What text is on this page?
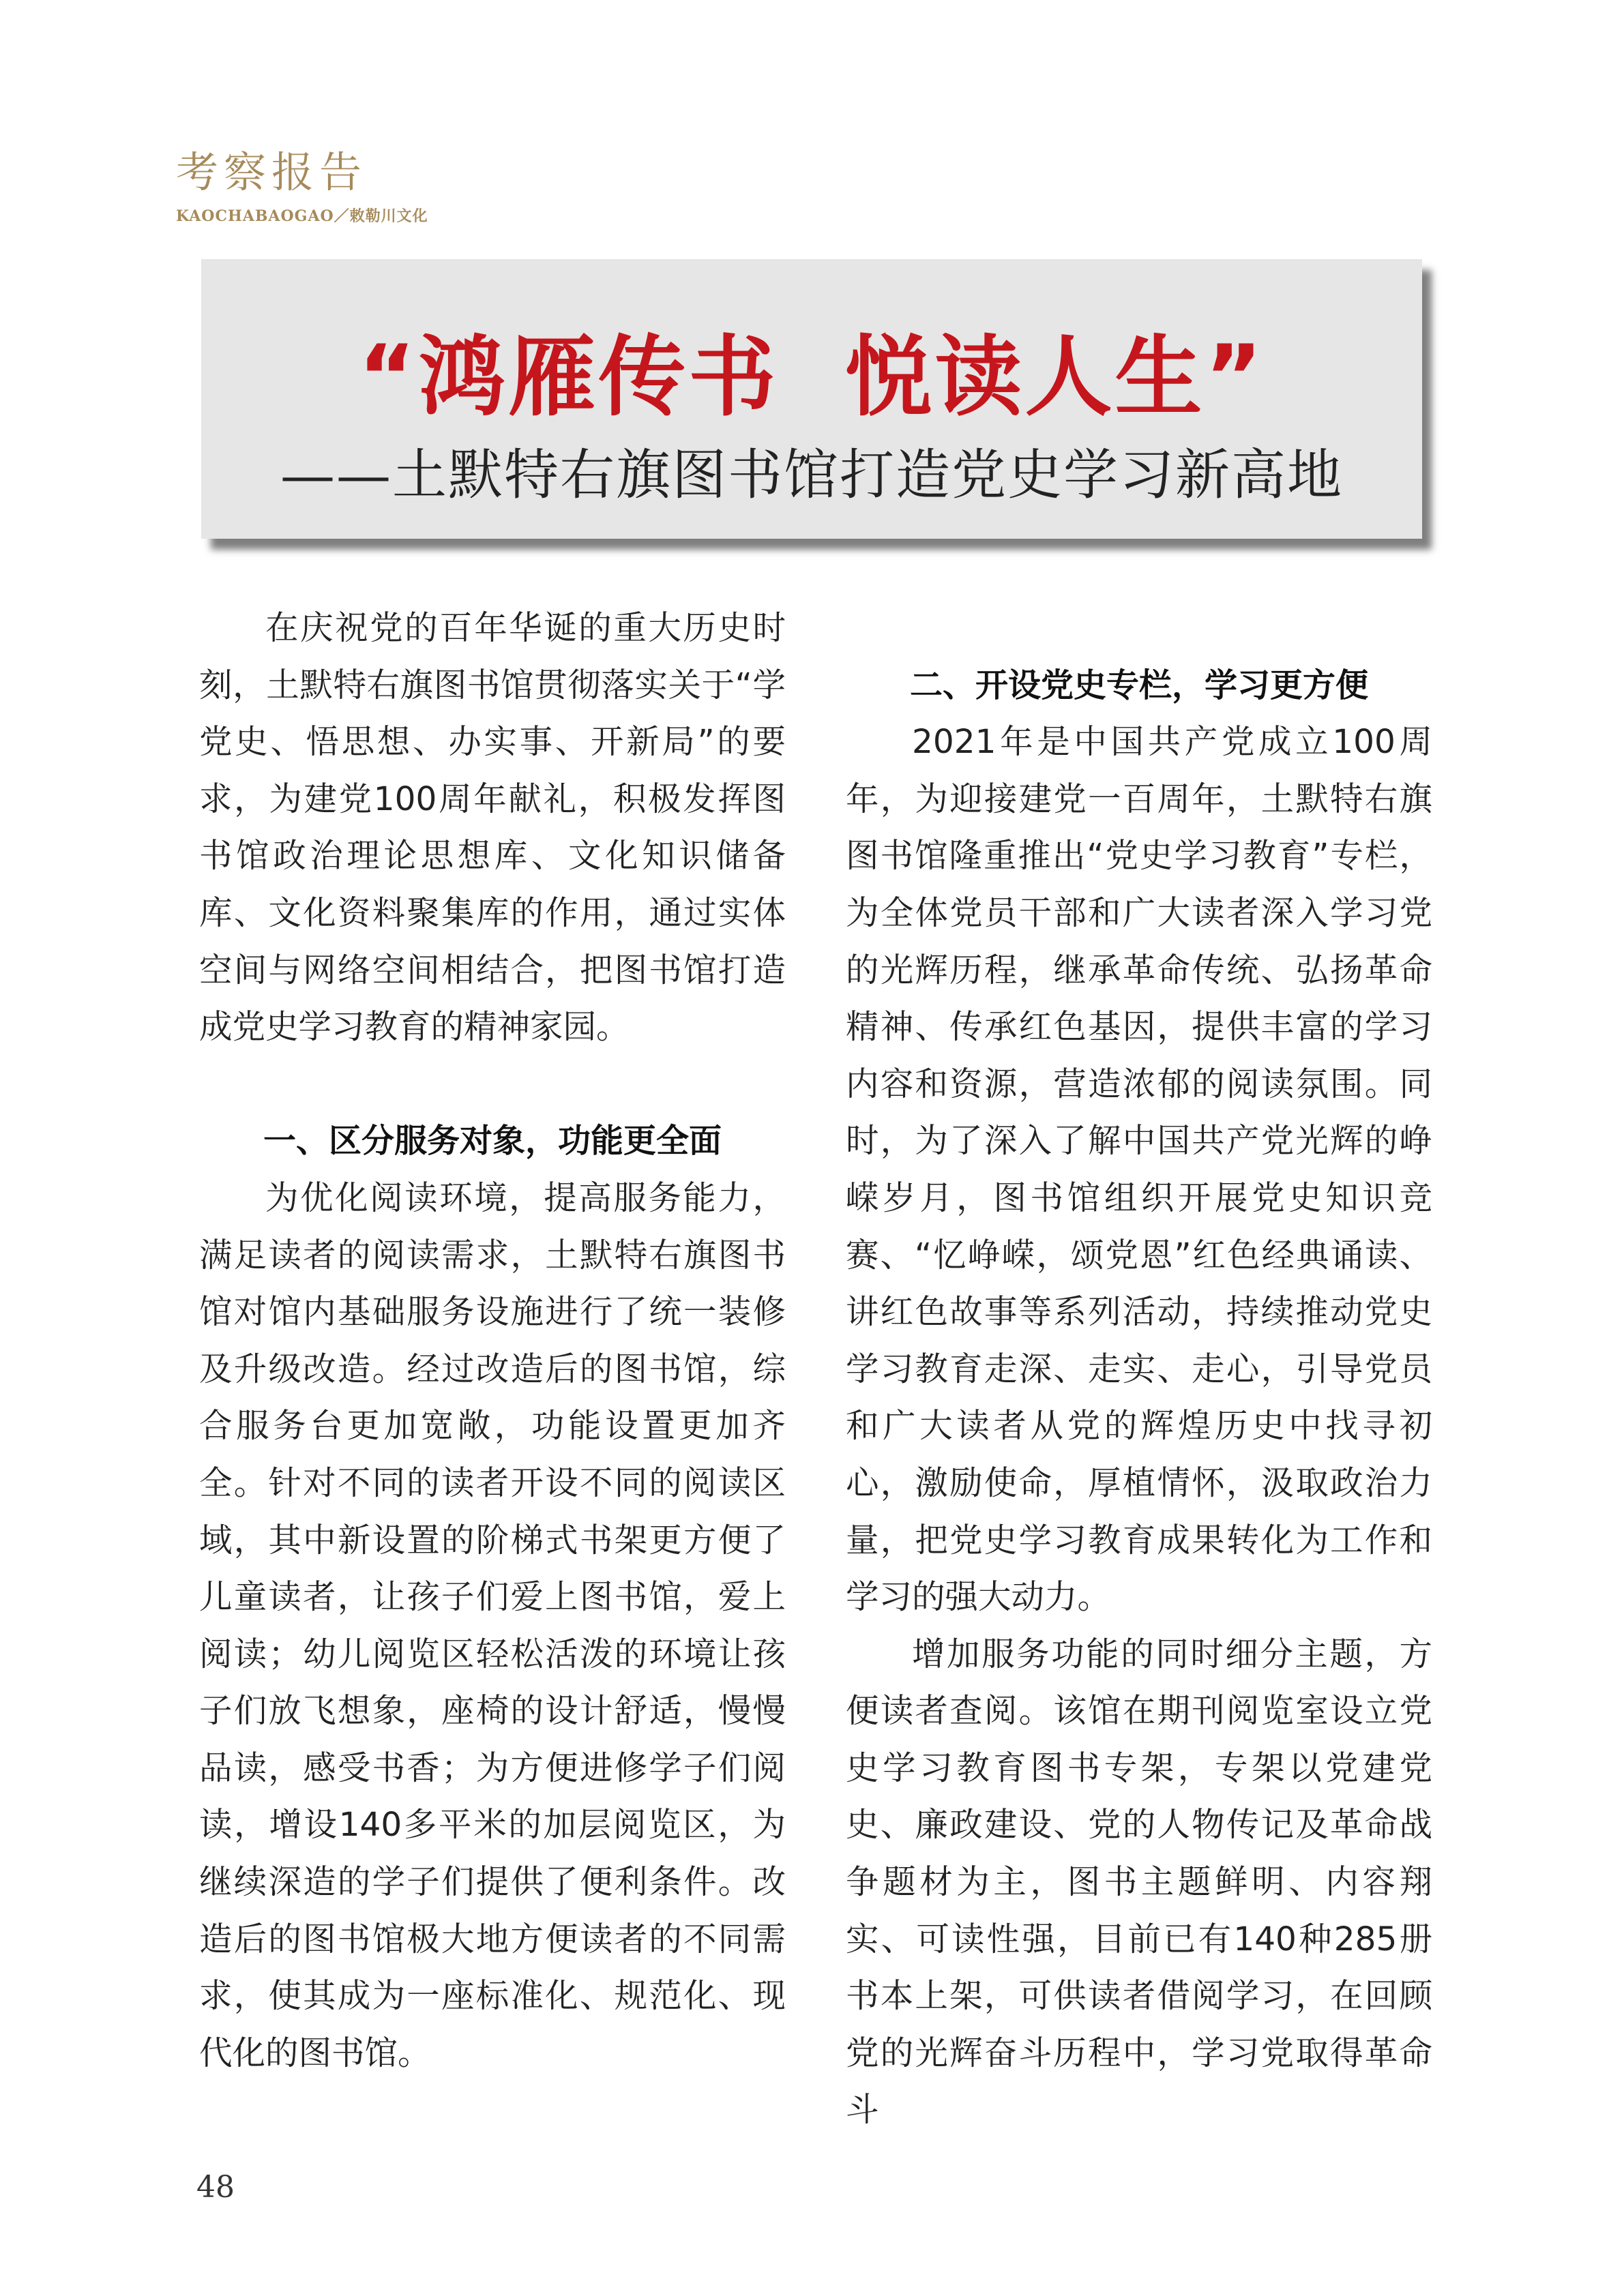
考察报告
KAOCHABAOGAO／敕勒川文化
“鸿雁传书  悦读人生”
——土默特右旗图书馆打造党史学习新高地

在庆祝党的百年华诞的重大历史时刻，土默特右旗图书馆贯彻落实关于“学党史、悟思想、办实事、开新局”的要求，为建党100周年献礼，积极发挥图书馆政治理论思想库、文化知识储备库、文化资料聚集库的作用，通过实体空间与网络空间相结合，把图书馆打造成党史学习教育的精神家园。

一、区分服务对象，功能更全面

为优化阅读环境，提高服务能力，满足读者的阅读需求，土默特右旗图书馆对馆内基础服务设施进行了统一装修及升级改造。经过改造后的图书馆，综合服务台更加宽敞，功能设置更加齐全。针对不同的读者开设不同的阅读区域，其中新设置的阶梯式书架更方便了儿童读者，让孩子们爱上图书馆，爱上阅读；幼儿阅览区轻松活泼的环境让孩子们放飞想象，座椅的设计舒适，慢慢品读，感受书香；为方便进修学子们阅读，增设140多平米的加层阅览区，为继续深造的学子们提供了便利条件。改造后的图书馆极大地方便读者的不同需求，使其成为一座标准化、规范化、现代化的图书馆。

二、开设党史专栏，学习更方便

2021年是中国共产党成立100周年，为迎接建党一百周年，土默特右旗图书馆隆重推出“党史学习教育”专栏，为全体党员干部和广大读者深入学习党的光辉历程，继承革命传统、弘扬革命精神、传承红色基因，提供丰富的学习内容和资源，营造浓郁的阅读氛围。同时，为了深入了解中国共产党光辉的峥嵘岁月，图书馆组织开展党史知识竞赛、“忆峥嵘，颂党恩”红色经典诵读、讲红色故事等系列活动，持续推动党史学习教育走深、走实、走心，引导党员和广大读者从党的辉煌历史中找寻初心，激励使命，厚植情怀，汲取政治力量，把党史学习教育成果转化为工作和学习的强大动力。

增加服务功能的同时细分主题，方便读者查阅。该馆在期刊阅览室设立党史学习教育图书专架，专架以党建党史、廉政建设、党的人物传记及革命战争题材为主，图书主题鲜明、内容翔实、可读性强，目前已有140种285册书本上架，可供读者借阅学习，在回顾党的光辉奋斗历程中，学习党取得革命斗

48
